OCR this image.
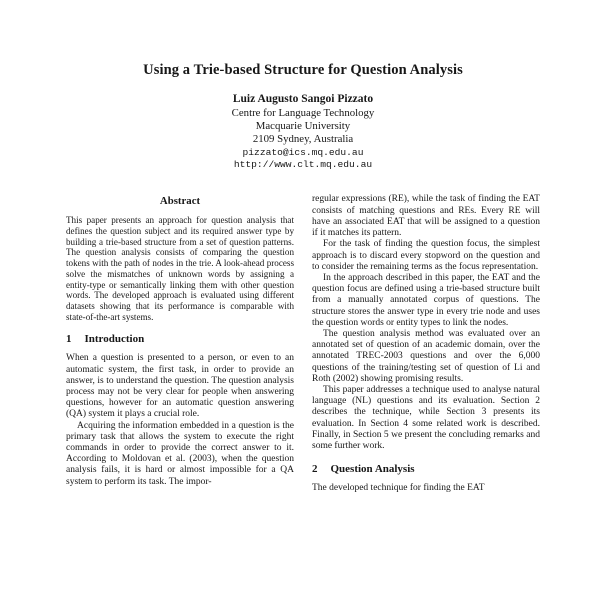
Using a Trie-based Structure for Question Analysis
Luiz Augusto Sangoi Pizzato
Centre for Language Technology
Macquarie University
2109 Sydney, Australia
pizzato@ics.mq.edu.au
http://www.clt.mq.edu.au
Abstract

This paper presents an approach for question analysis that defines the question subject and its required answer type by building a trie-based structure from a set of question patterns. The question analysis consists of comparing the question tokens with the path of nodes in the trie. A look-ahead process solve the mismatches of unknown words by assigning a entity-type or semantically linking them with other question words. The developed approach is evaluated using different datasets showing that its performance is comparable with state-of-the-art systems.

1 Introduction

When a question is presented to a person, or even to an automatic system, the first task, in order to provide an answer, is to understand the question. The question analysis process may not be very clear for people when answering questions, however for an automatic question answering (QA) system it plays a crucial role.

Acquiring the information embedded in a question is the primary task that allows the system to execute the right commands in order to provide the correct answer to it. According to Moldovan et al. (2003), when the question analysis fails, it is hard or almost impossible for a QA system to perform its task. The impor-

regular expressions (RE), while the task of finding the EAT consists of matching questions and REs. Every RE will have an associated EAT that will be assigned to a question if it matches its pattern.

For the task of finding the question focus, the simplest approach is to discard every stopword on the question and to consider the remaining terms as the focus representation.

In the approach described in this paper, the EAT and the question focus are defined using a trie-based structure built from a manually annotated corpus of questions. The structure stores the answer type in every trie node and uses the question words or entity types to link the nodes.

The question analysis method was evaluated over an annotated set of question of an academic domain, over the annotated TREC-2003 questions and over the 6,000 questions of the training/testing set of question of Li and Roth (2002) showing promising results.

This paper addresses a technique used to analyse natural language (NL) questions and its evaluation. Section 2 describes the technique, while Section 3 presents its evaluation. In Section 4 some related work is described. Finally, in Section 5 we present the concluding remarks and some further work.

2 Question Analysis

The developed technique for finding the EAT
